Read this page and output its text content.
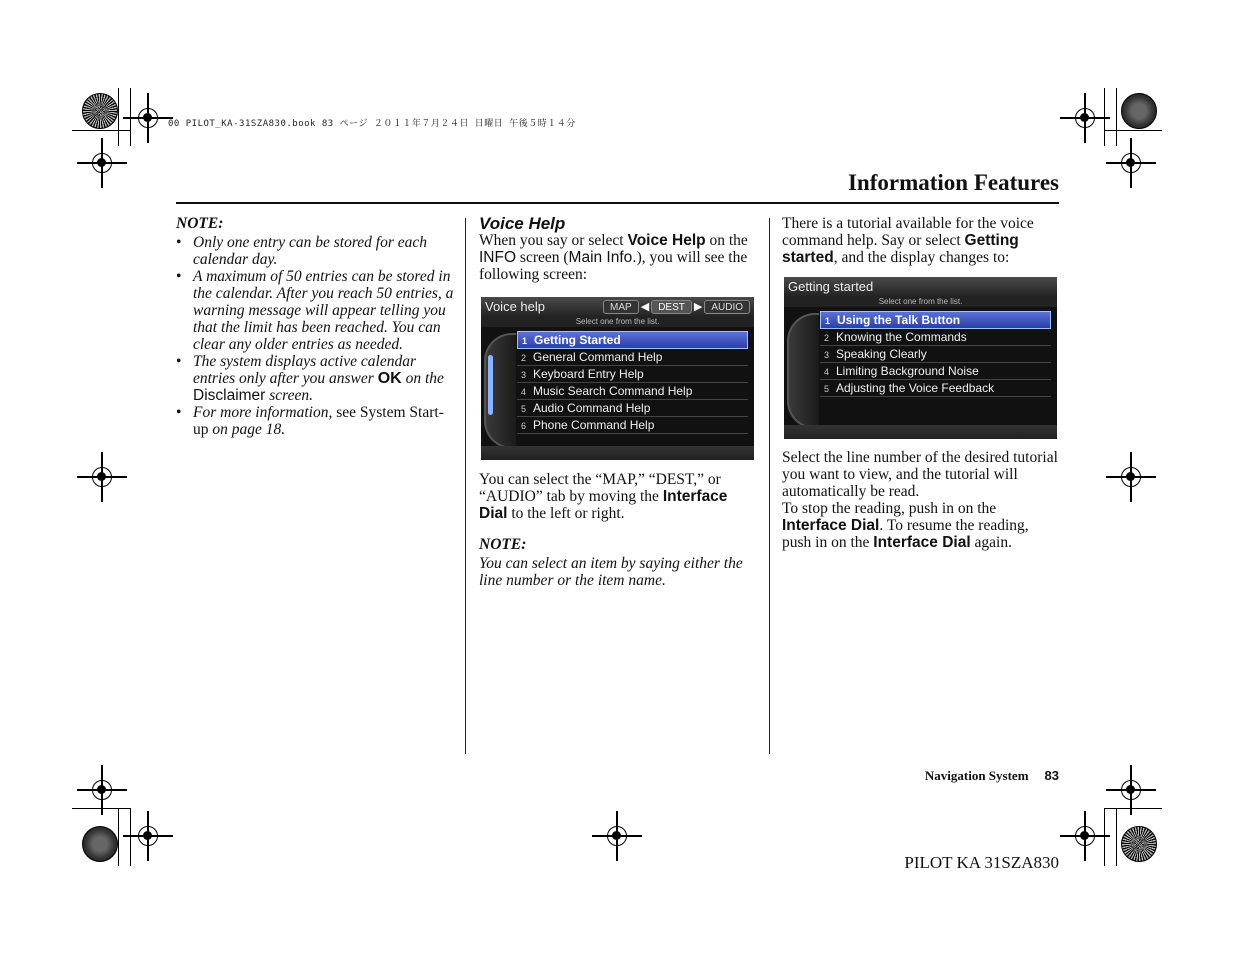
00 PILOT_KA-31SZA830.book 83 ページ ２０１１年７月２４日 日曜日 午後５時１４分
Information Features

NOTE:

• Only one entry can be stored for each calendar day.
• A maximum of 50 entries can be stored in the calendar. After you reach 50 entries, a warning message will appear telling you that the limit has been reached. You can clear any older entries as needed.
• The system displays active calendar entries only after you answer OK on the Disclaimer screen.
• For more information, see System Start-up on page 18.

Voice Help

When you say or select Voice Help on the INFO screen (Main Info.), you will see the following screen:

Voice help	MAP ◀ DEST ▶ AUDIO
Select one from the list.
1 Getting Started
2 General Command Help
3 Keyboard Entry Help
4 Music Search Command Help
5 Audio Command Help
6 Phone Command Help

You can select the “MAP,” “DEST,” or “AUDIO” tab by moving the Interface Dial to the left or right.

NOTE:

You can select an item by saying either the line number or the item name.

There is a tutorial available for the voice command help. Say or select Getting started, and the display changes to:

Getting started
Select one from the list.
1 Using the Talk Button
2 Knowing the Commands
3 Speaking Clearly
4 Limiting Background Noise
5 Adjusting the Voice Feedback

Select the line number of the desired tutorial you want to view, and the tutorial will automatically be read.

To stop the reading, push in on the Interface Dial. To resume the reading, push in on the Interface Dial again.

Navigation System 83
PILOT KA 31SZA830
